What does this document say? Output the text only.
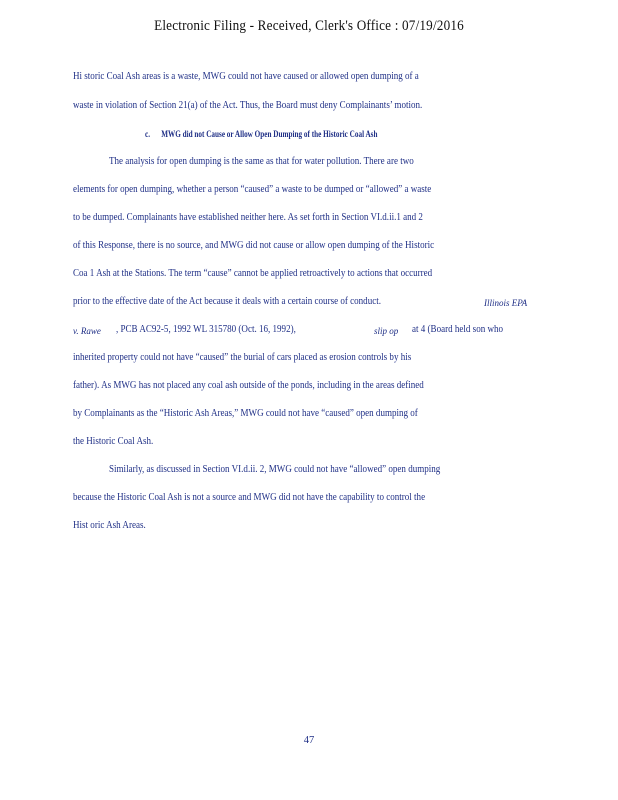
Electronic Filing - Received, Clerk's Office : 07/19/2016
Hi storic Coal Ash areas is a waste, MWG could not have caused or allowed open dumping of a
waste in violation of Section 21(a) of the Act. Thus, the Board must deny Complainants’ motion.
c. MWG did not Cause or Allow Open Dumping of the Historic Coal Ash
The analysis for open dumping is the same as that for water pollution. There are two
elements for open dumping, whether a person “caused” a waste to be dumped or “allowed” a waste
to be dumped. Complainants have established neither here. As set forth in Section VI.d.ii.1 and 2
of this Response, there is no source, and MWG did not cause or allow open dumping of the Historic
Coa 1 Ash at the Stations. The term “cause” cannot be applied retroactively to actions that occurred
prior to the effective date of the Act because it deals with a certain course of conduct.	Illinois EPA
v. Rawe , PCB AC92-5, 1992 WL 315780 (Oct. 16, 1992),	slip op at 4 (Board held son who
inherited property could not have “caused” the burial of cars placed as erosion controls by his
father). As MWG has not placed any coal ash outside of the ponds, including in the areas defined
by Complainants as the “Historic Ash Areas,” MWG could not have “caused” open dumping of
the Historic Coal Ash.
Similarly, as discussed in Section VI.d.ii. 2, MWG could not have “allowed” open dumping
because the Historic Coal Ash is not a source and MWG did not have the capability to control the
Hist oric Ash Areas.
47
